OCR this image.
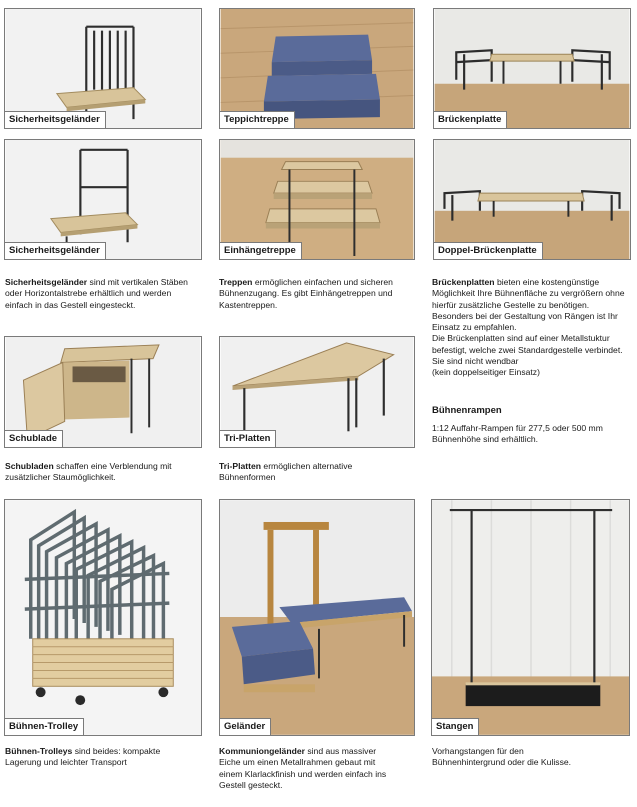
Sicherheitsgeländer	Teppichtreppe	Brückenplatte
Sicherheitsgeländer	Einhängetreppe	Doppel-Brückenplatte

Sicherheitsgeländer sind mit vertikalen Stäben oder Horizontalstrebe erhältlich und werden einfach in das Gestell eingesteckt.

Treppen ermöglichen einfachen und sicheren Bühnenzugang. Es gibt Einhängetreppen und Kastentreppen.

Brückenplatten bieten eine kostengünstige Möglichkeit Ihre Bühnenfläche zu vergrößern ohne hierfür zusätzliche Gestelle zu benötigen. Besonders bei der Gestaltung von Rängen ist Ihr Einsatz zu empfahlen.
Die Brückenplatten sind auf einer Metallstuktur befestigt, welche zwei Standardgestelle verbindet. Sie sind nicht wendbar
(kein doppelseitiger Einsatz)

Schublade	Tri-Platten

Bühnenrampen

1:12 Auffahr-Rampen für 277,5 oder 500 mm Bühnenhöhe sind erhältlich.

Schubladen schaffen eine Verblendung mit zusätzlicher Staumöglichkeit.

Tri-Platten ermöglichen alternative Bühnenformen

Bühnen-Trolley	Geländer	Stangen

Bühnen-Trolleys sind beides: kompakte Lagerung und leichter Transport

Kommuniongeländer sind aus massiver Eiche um einen Metallrahmen gebaut mit einem Klarlackfinish und werden einfach ins Gestell gesteckt.

Vorhangstangen für den Bühnenhintergrund oder die Kulisse.
